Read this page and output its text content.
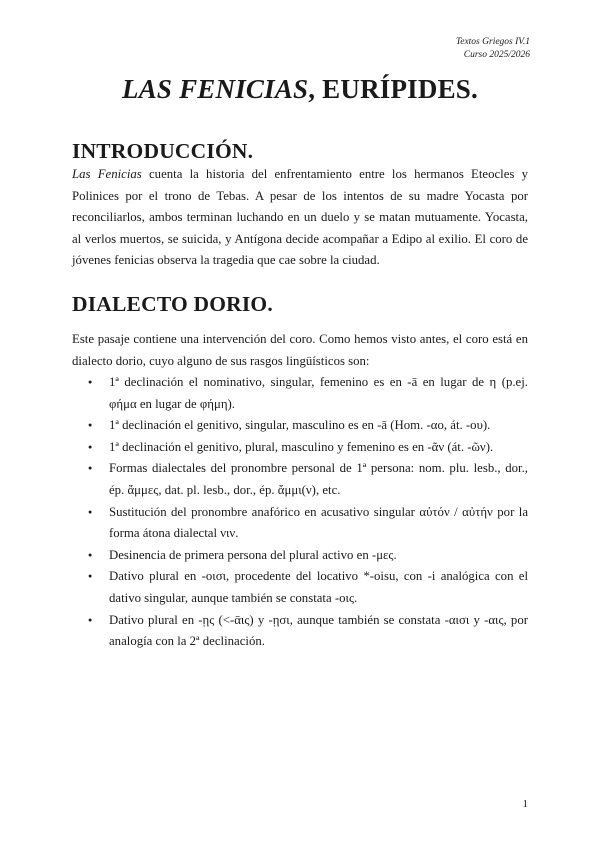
Textos Griegos IV.1
Curso 2025/2026
LAS FENICIAS, EURÍPIDES.
INTRODUCCIÓN.

Las Fenicias cuenta la historia del enfrentamiento entre los hermanos Eteocles y Polinices por el trono de Tebas. A pesar de los intentos de su madre Yocasta por reconciliarlos, ambos terminan luchando en un duelo y se matan mutuamente. Yocasta, al verlos muertos, se suicida, y Antígona decide acompañar a Edipo al exilio. El coro de jóvenes fenicias observa la tragedia que cae sobre la ciudad.

DIALECTO DORIO.

Este pasaje contiene una intervención del coro. Como hemos visto antes, el coro está en dialecto dorio, cuyo alguno de sus rasgos lingüísticos son:

● 1ª declinación el nominativo, singular, femenino es en -ā en lugar de η (p.ej. φήμα en lugar de φήμη).
● 1ª declinación el genitivo, singular, masculino es en -ā (Hom. -αο, át. -ου).
● 1ª declinación el genitivo, plural, masculino y femenino es en -ᾶν (át. -ῶν).
● Formas dialectales del pronombre personal de 1ª persona: nom. plu. lesb., dor., ép. ἄμμες, dat. pl. lesb., dor., ép. ἄμμι(ν), etc.
● Sustitución del pronombre anafórico en acusativo singular αὐτόν / αὐτήν por la forma átona dialectal νιν.
● Desinencia de primera persona del plural activo en -μες.
● Dativo plural en -οισι, procedente del locativo *-oisu, con -i analógica con el dativo singular, aunque también se constata -οις.
● Dativo plural en -ῃς (<-ᾱις) y -ῃσι, aunque también se constata -αισι y -αις, por analogía con la 2ª declinación.
1
